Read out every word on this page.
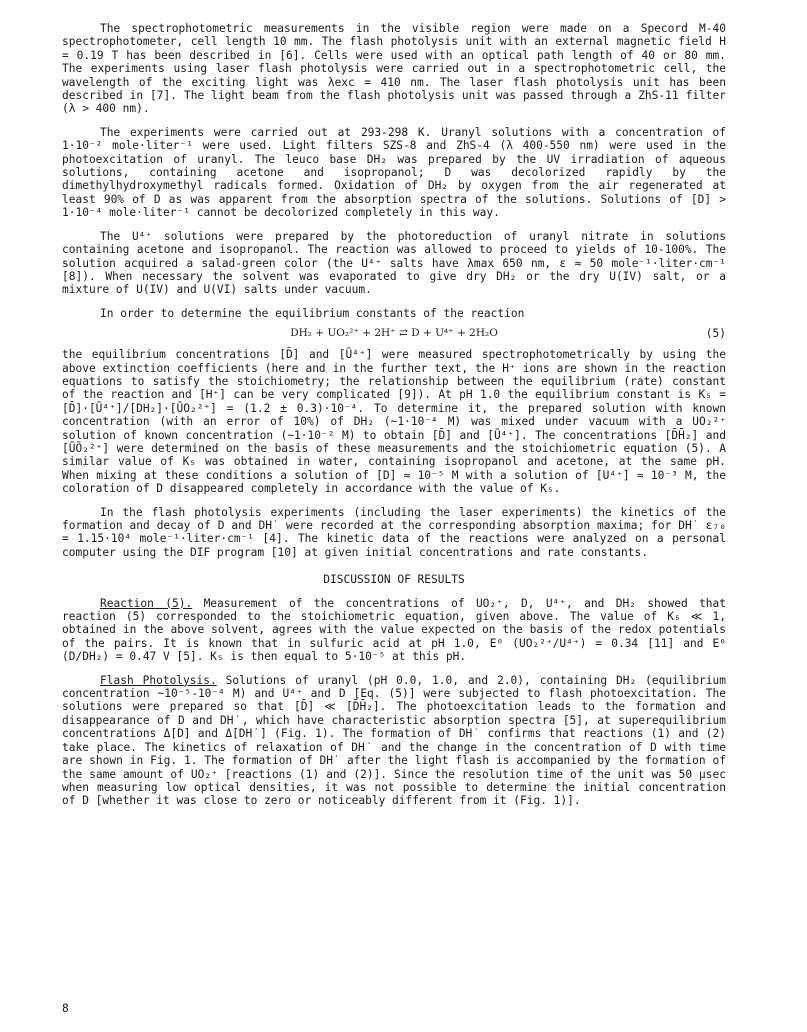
The spectrophotometric measurements in the visible region were made on a Specord M-40 spectrophotometer, cell length 10 mm. The flash photolysis unit with an external magnetic field H = 0.19 T has been described in [6]. Cells were used with an optical path length of 40 or 80 mm. The experiments using laser flash photolysis were carried out in a spectrophotometric cell, the wavelength of the exciting light was λexc = 410 nm. The laser flash photolysis unit has been described in [7]. The light beam from the flash photolysis unit was passed through a ZhS-11 filter (λ > 400 nm).

The experiments were carried out at 293-298 K. Uranyl solutions with a concentration of 1·10⁻² mole·liter⁻¹ were used. Light filters SZS-8 and ZhS-4 (λ 400-550 nm) were used in the photoexcitation of uranyl. The leuco base DH₂ was prepared by the UV irradiation of aqueous solutions, containing acetone and isopropanol; D was decolorized rapidly by the dimethylhydroxymethyl radicals formed. Oxidation of DH₂ by oxygen from the air regenerated at least 90% of D as was apparent from the absorption spectra of the solutions. Solutions of [D] > 1·10⁻⁴ mole·liter⁻¹ cannot be decolorized completely in this way.

The U⁴⁺ solutions were prepared by the photoreduction of uranyl nitrate in solutions containing acetone and isopropanol. The reaction was allowed to proceed to yields of 10-100%. The solution acquired a salad-green color (the U⁴⁺ salts have λmax 650 nm, ε ≈ 50 mole⁻¹·liter·cm⁻¹ [8]). When necessary the solvent was evaporated to give dry DH₂ or the dry U(IV) salt, or a mixture of U(IV) and U(VI) salts under vacuum.

In order to determine the equilibrium constants of the reaction

DH₂ + UO₂²⁺ + 2H⁺ ⇄ D + U⁴⁺ + 2H₂O	(5)

the equilibrium concentrations [D̄] and [Ū⁴⁺] were measured spectrophotometrically by using the above extinction coefficients (here and in the further text, the H⁺ ions are shown in the reaction equations to satisfy the stoichiometry; the relationship between the equilibrium (rate) constant of the reaction and [H⁺] can be very complicated [9]). At pH 1.0 the equilibrium constant is K₅ = [D̄]·[Ū⁴⁺]/[DH₂]·[ŪO₂²⁺] = (1.2 ± 0.3)·10⁻⁴. To determine it, the prepared solution with known concentration (with an error of 10%) of DH₂ (~1·10⁻⁴ M) was mixed under vacuum with a UO₂²⁺ solution of known concentration (~1·10⁻² M) to obtain [D̄] and [Ū⁴⁺]. The concentrations [D̄H̄₂] and [ŪŌ₂²⁺] were determined on the basis of these measurements and the stoichiometric equation (5). A similar value of K₅ was obtained in water, containing isopropanol and acetone, at the same pH. When mixing at these conditions a solution of [D] ≈ 10⁻⁵ M with a solution of [U⁴⁺] ≈ 10⁻³ M, the coloration of D disappeared completely in accordance with the value of K₅.

In the flash photolysis experiments (including the laser experiments) the kinetics of the formation and decay of D and DH˙ were recorded at the corresponding absorption maxima; for DH˙ ε₇₀ = 1.15·10⁴ mole⁻¹·liter·cm⁻¹ [4]. The kinetic data of the reactions were analyzed on a personal computer using the DIF program [10] at given initial concentrations and rate constants.

DISCUSSION OF RESULTS

Reaction (5). Measurement of the concentrations of UO₂⁺, D, U⁴⁺, and DH₂ showed that reaction (5) corresponded to the stoichiometric equation, given above. The value of K₅ ≪ 1, obtained in the above solvent, agrees with the value expected on the basis of the redox potentials of the pairs. It is known that in sulfuric acid at pH 1.0, E⁰ (UO₂²⁺/U⁴⁺) = 0.34 [11] and E⁰ (D/DH₂) = 0.47 V [5]. K₅ is then equal to 5·10⁻⁵ at this pH.

Flash Photolysis. Solutions of uranyl (pH 0.0, 1.0, and 2.0), containing DH₂ (equilibrium concentration ~10⁻⁵-10⁻⁴ M) and U⁴⁺ and D [Eq. (5)] were subjected to flash photoexcitation. The solutions were prepared so that [D̄] ≪ [D̄H̄₂]. The photoexcitation leads to the formation and disappearance of D and DH˙, which have characteristic absorption spectra [5], at superequilibrium concentrations Δ[D] and Δ[DH˙] (Fig. 1). The formation of DH˙ confirms that reactions (1) and (2) take place. The kinetics of relaxation of DH˙ and the change in the concentration of D with time are shown in Fig. 1. The formation of DH˙ after the light flash is accompanied by the formation of the same amount of UO₂⁺ [reactions (1) and (2)]. Since the resolution time of the unit was 50 μsec when measuring low optical densities, it was not possible to determine the initial concentration of D [whether it was close to zero or noticeably different from it (Fig. 1)].

8
